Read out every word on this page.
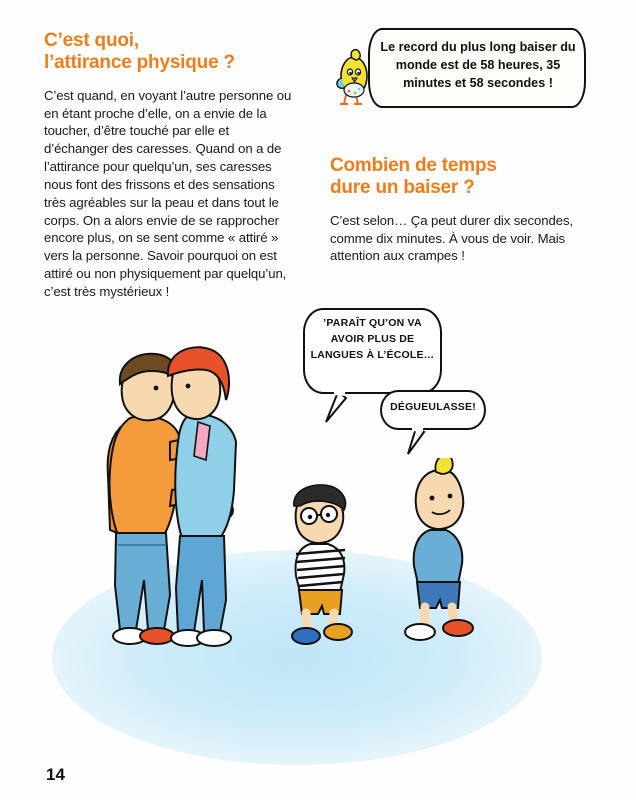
C’est quoi,
l’attirance physique ?

C’est quand, en voyant l’autre personne ou en étant proche d’elle, on a envie de la toucher, d’être touché par elle et d’échanger des caresses. Quand on a de l’attirance pour quelqu’un, ses caresses nous font des frissons et des sensations très agréables sur la peau et dans tout le corps. On a alors envie de se rapprocher encore plus, on se sent comme « attiré » vers la personne. Savoir pourquoi on est attiré ou non physiquement par quelqu’un, c’est très mystérieux !

Le record du plus long baiser du monde est de 58 heures, 35 minutes et 58 secondes !
Combien de temps
dure un baiser ?

C’est selon… Ça peut durer dix secondes, comme dix minutes. À vous de voir. Mais attention aux crampes !

’PARAÎT QU’ON VA AVOIR PLUS DE LANGUES À L’ÉCOLE…
DÉGUEULASSE!
14
